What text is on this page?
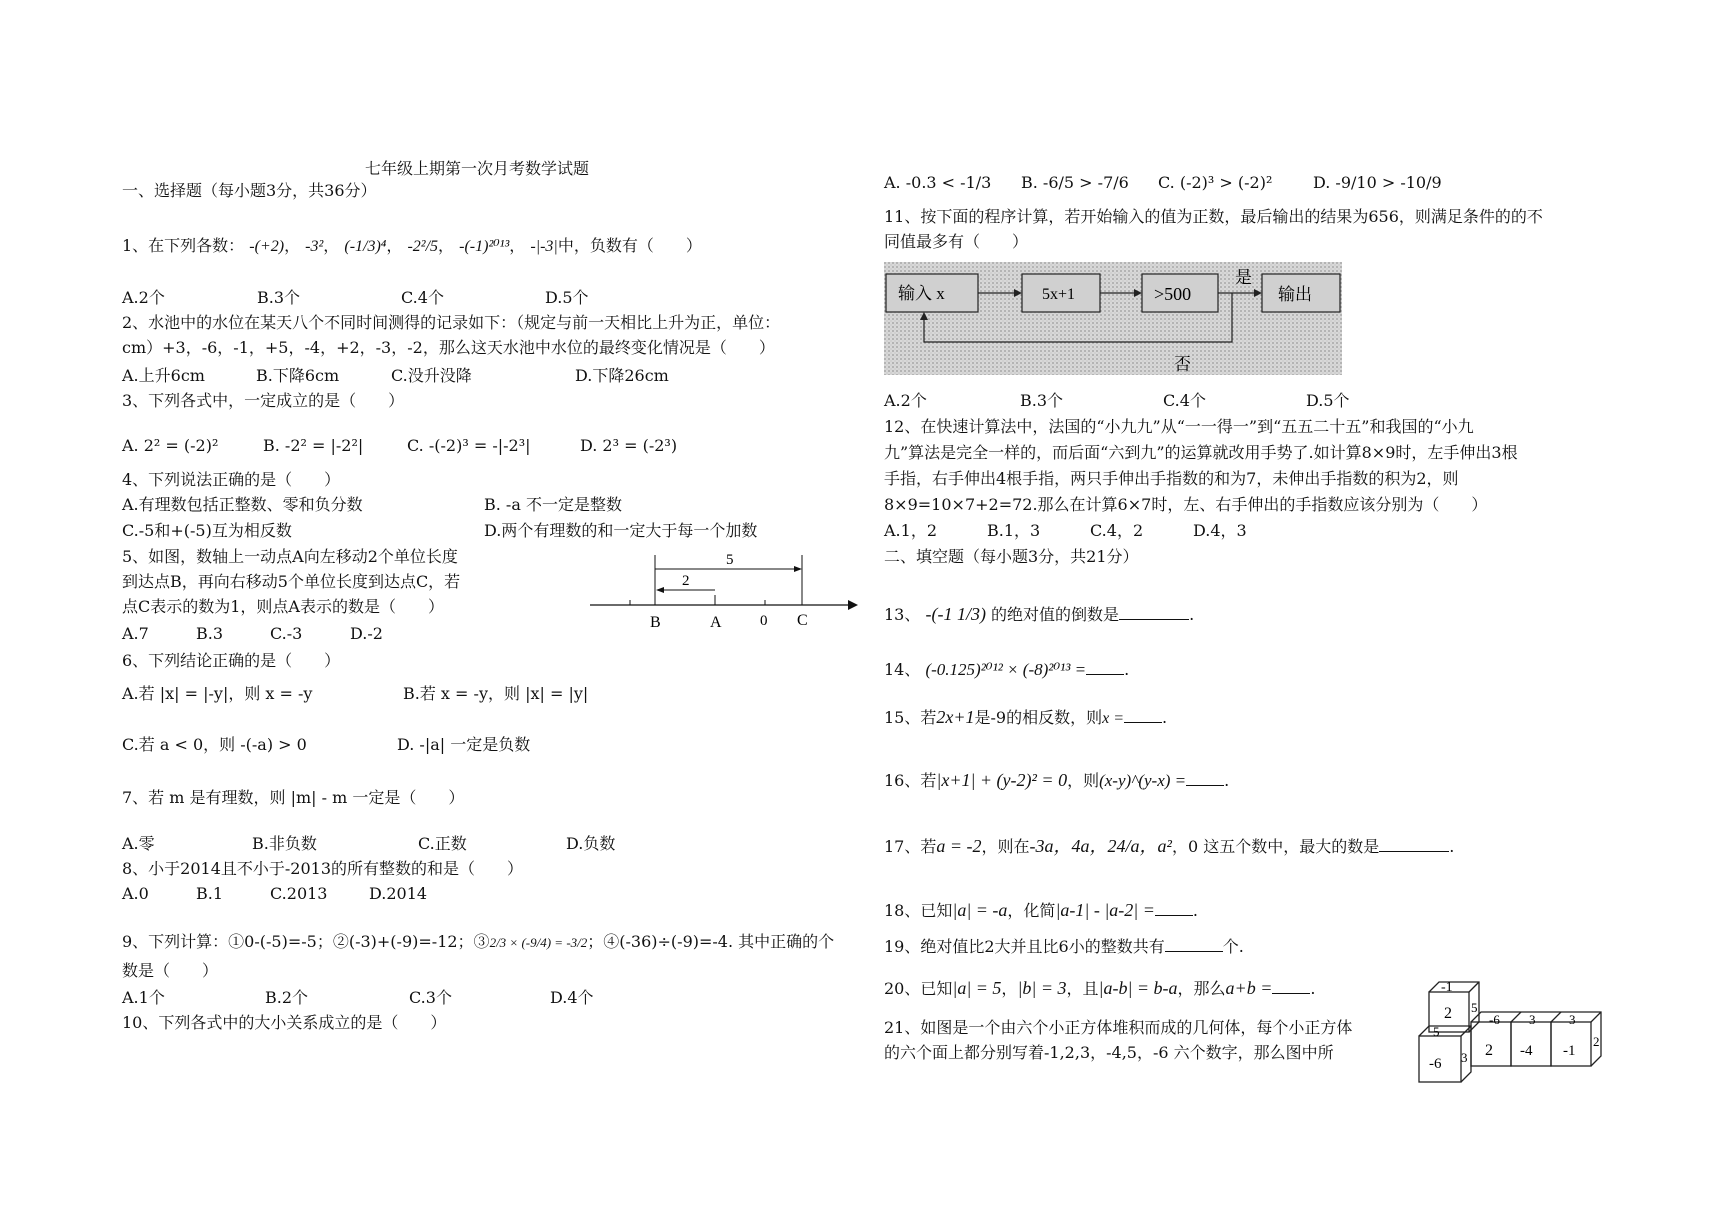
七年级上期第一次月考数学试题
一、选择题（每小题3分，共36分）
1、在下列各数： -(+2)， -3²， (-1/3)⁴， -2²/5， -(-1)²⁰¹³， -|-3|中，负数有（　　）
A.2个	B.3个	C.4个	D.5个
2、水池中的水位在某天八个不同时间测得的记录如下：（规定与前一天相比上升为正，单位：
cm）+3，-6，-1，+5，-4，+2，-3，-2，那么这天水池中水位的最终变化情况是（　　）
A.上升6cm	B.下降6cm	C.没升没降	D.下降26cm
3、下列各式中，一定成立的是（　　）
A. 2² = (-2)²	B. -2² = |-2²|	C. -(-2)³ = -|-2³|	D. 2³ = (-2³)
4、下列说法正确的是（　　）
A.有理数包括正整数、零和负分数	B. -a 不一定是整数
C.-5和+(-5)互为相反数	D.两个有理数的和一定大于每一个加数
5、如图，数轴上一动点A向左移动2个单位长度
到达点B，再向右移动5个单位长度到达点C，若
点C表示的数为1，则点A表示的数是（　　）
A.7	B.3	C.-3	D.-2
5
2
B	A	0 C
6、下列结论正确的是（　　）
A.若 |x| = |-y|，则 x = -y	B.若 x = -y，则 |x| = |y|
C.若 a < 0，则 -(-a) > 0	D. -|a| 一定是负数
7、若 m 是有理数，则 |m| - m 一定是（　　）
A.零	B.非负数	C.正数	D.负数
8、小于2014且不小于-2013的所有整数的和是（　　）
A.0	B.1	C.2013	D.2014
9、下列计算：①0-(-5)=-5；②(-3)+(-9)=-12；③2/3 × (-9/4) = -3/2；④(-36)÷(-9)=-4. 其中正确的个
数是（　　）
A.1个	B.2个	C.3个	D.4个
10、下列各式中的大小关系成立的是（　　）
A. -0.3 < -1/3 B. -6/5 > -7/6 C. (-2)³ > (-2)²	D. -9/10 > -10/9
11、按下面的程序计算，若开始输入的值为正数，最后输出的结果为656，则满足条件的的不
同值最多有（　　）
输入 x	5x+1	>500	输出
是
否
A.2个	B.3个	C.4个	D.5个
12、在快速计算法中，法国的“小九九”从“一一得一”到“五五二十五”和我国的“小九
九”算法是完全一样的，而后面“六到九”的运算就改用手势了.如计算8×9时，左手伸出3根
手指，右手伸出4根手指，两只手伸出手指数的和为7，未伸出手指数的积为2，则
8×9=10×7+2=72.那么在计算6×7时，左、右手伸出的手指数应该分别为（　　）
A.1，2	B.1，3	C.4，2	D.4，3
二、填空题（每小题3分，共21分）
13、 -(-1 1/3) 的绝对值的倒数是	.
14、 (-0.125)²⁰¹² × (-8)²⁰¹³ = .
15、若2x+1是-9的相反数，则x = .
16、若|x+1| + (y-2)² = 0，则(x-y)^(y-x) = .
17、若a = -2，则在-3a，4a，24/a，a²，0 这五个数中，最大的数是	.
18、已知|a| = -a，化简|a-1| - |a-2| = .
19、绝对值比2大并且比6小的整数共有	个.
20、已知|a| = 5，|b| = 3，且|a-b| = b-a，那么a+b = .
21、如图是一个由六个小正方体堆积而成的几何体，每个小正方体
的六个面上都分别写着-1,2,3，-4,5，-6 六个数字，那么图中所
-1
2 5
5
-6 3 2
-6 3
-4
3
-1
2
